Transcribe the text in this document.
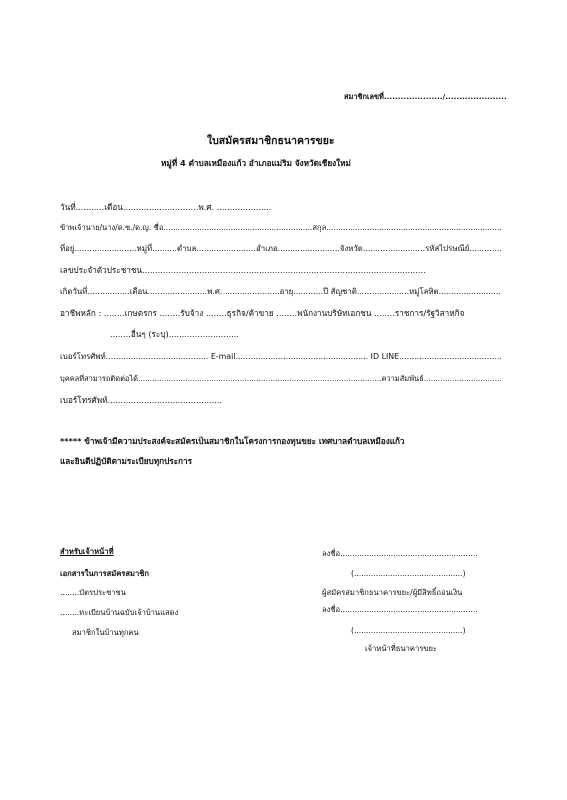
สมาชิกเลขที่...................../......................
ใบสมัครสมาชิกธนาคารขยะ
หมู่ที่ 4 ตำบลเหมืองแก้ว อำเภอแม่ริม จังหวัดเชียงใหม่
วันที่...........เดือน.............................พ.ศ. .....................
ข้าพเจ้านาย/นาง/ด.ช./ด.ญ. ชื่อ..............................................................สกุล.........................................................................
ที่อยู่.........................หมู่ที่..........ตำบล........................อำเภอ.........................จังหวัด.........................รหัสไปรษณีย์.............
เลขประจำตัวประชาชน.............................................................................................................
เกิดวันที่.................เดือน........................พ.ศ. ......................อายุ............ปี สัญชาติ.....................หมู่โลหิต.........................
อาชีพหลัก : ........เกษตรกร ........รับจ้าง ........ธุรกิจ/ค้าขาย ........พนักงานบริษัทเอกชน ........ราชการ/รัฐวิสาหกิจ
........อื่นๆ (ระบุ)...........................
เบอร์โทรศัพท์......................................... E-mail..................................................... ID LINE.........................................
บุคคลที่สามารถติดต่อได้.......................................................................................................ความสัมพันธ์.................................
เบอร์โทรศัพท์............................................
***** ข้าพเจ้ามีความประสงค์จะสมัครเป็นสมาชิกในโครงการกองทุนขยะ เทศบาลตำบลเหมืองแก้ว
และยินดีปฏิบัติตามระเบียบทุกประการ
สำหรับเจ้าหน้าที่
เอกสารในการสมัครสมาชิก
........บัตรประชาชน
........ทะเบียนบ้านฉบับเจ้าบ้านแสดง
สมาชิกในบ้านทุกคน
ลงชื่อ.........................................................
(.............................................)
ผู้สมัครสมาชิกธนาคารขยะ/ผู้มีสิทธิ์ถอนเงิน
ลงชื่อ.........................................................
(.............................................)
เจ้าหน้าที่ธนาคารขยะ
